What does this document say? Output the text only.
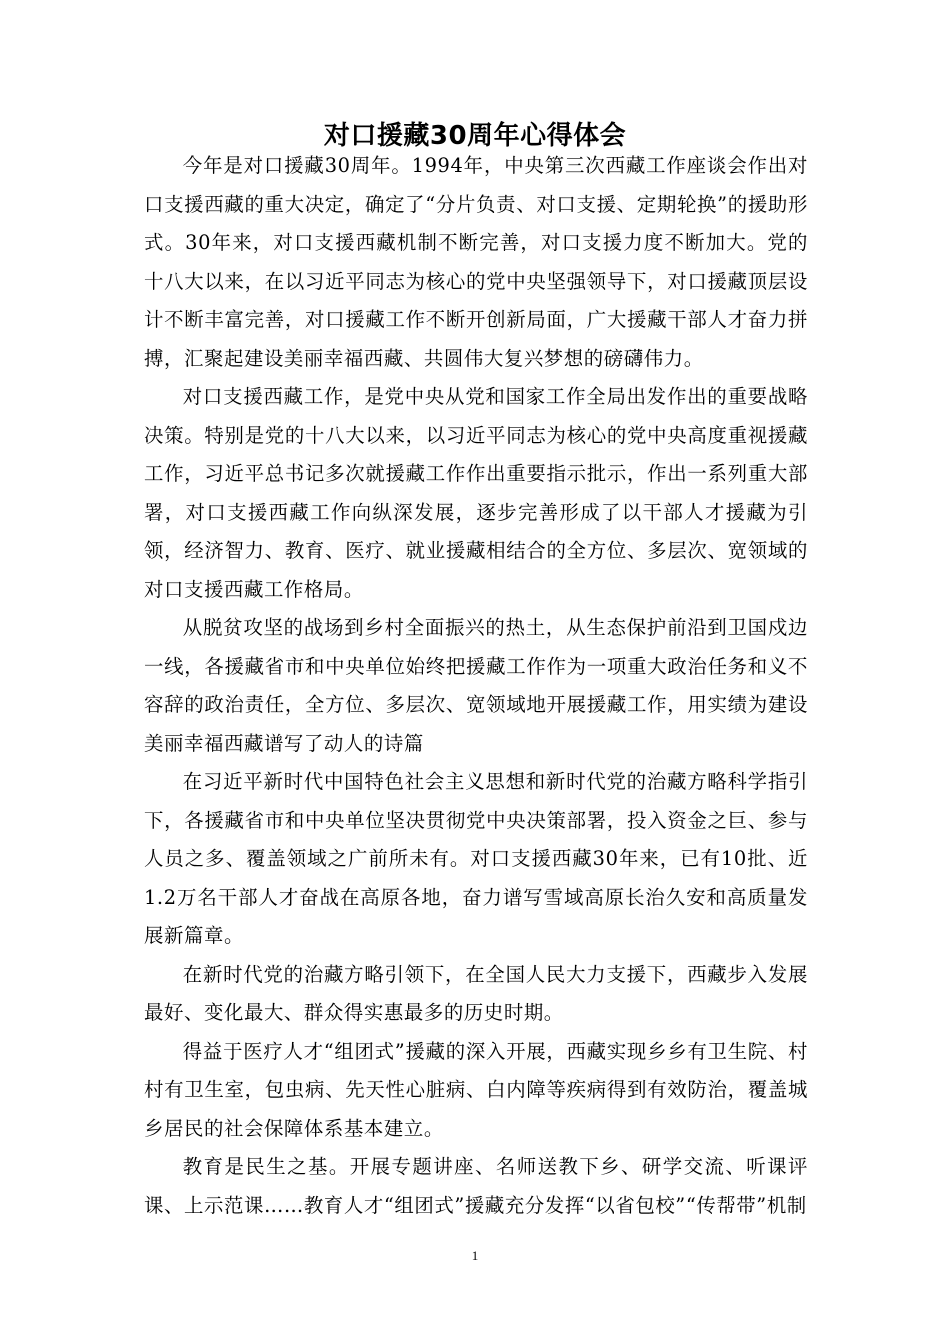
对口援藏30周年心得体会

今年是对口援藏30周年。1994年，中央第三次西藏工作座谈会作出对口支援西藏的重大决定，确定了“分片负责、对口支援、定期轮换”的援助形式。30年来，对口支援西藏机制不断完善，对口支援力度不断加大。党的十八大以来，在以习近平同志为核心的党中央坚强领导下，对口援藏顶层设计不断丰富完善，对口援藏工作不断开创新局面，广大援藏干部人才奋力拼搏，汇聚起建设美丽幸福西藏、共圆伟大复兴梦想的磅礴伟力。

对口支援西藏工作，是党中央从党和国家工作全局出发作出的重要战略决策。特别是党的十八大以来，以习近平同志为核心的党中央高度重视援藏工作，习近平总书记多次就援藏工作作出重要指示批示，作出一系列重大部署，对口支援西藏工作向纵深发展，逐步完善形成了以干部人才援藏为引领，经济智力、教育、医疗、就业援藏相结合的全方位、多层次、宽领域的对口支援西藏工作格局。

从脱贫攻坚的战场到乡村全面振兴的热土，从生态保护前沿到卫国戍边一线，各援藏省市和中央单位始终把援藏工作作为一项重大政治任务和义不容辞的政治责任，全方位、多层次、宽领域地开展援藏工作，用实绩为建设美丽幸福西藏谱写了动人的诗篇

在习近平新时代中国特色社会主义思想和新时代党的治藏方略科学指引下，各援藏省市和中央单位坚决贯彻党中央决策部署，投入资金之巨、参与人员之多、覆盖领域之广前所未有。对口支援西藏30年来，已有10批、近1.2万名干部人才奋战在高原各地，奋力谱写雪域高原长治久安和高质量发展新篇章。

在新时代党的治藏方略引领下，在全国人民大力支援下，西藏步入发展最好、变化最大、群众得实惠最多的历史时期。

得益于医疗人才“组团式”援藏的深入开展，西藏实现乡乡有卫生院、村村有卫生室，包虫病、先天性心脏病、白内障等疾病得到有效防治，覆盖城乡居民的社会保障体系基本建立。

教育是民生之基。开展专题讲座、名师送教下乡、研学交流、听课评课、上示范课……教育人才“组团式”援藏充分发挥“以省包校”“传帮带”机制

1
